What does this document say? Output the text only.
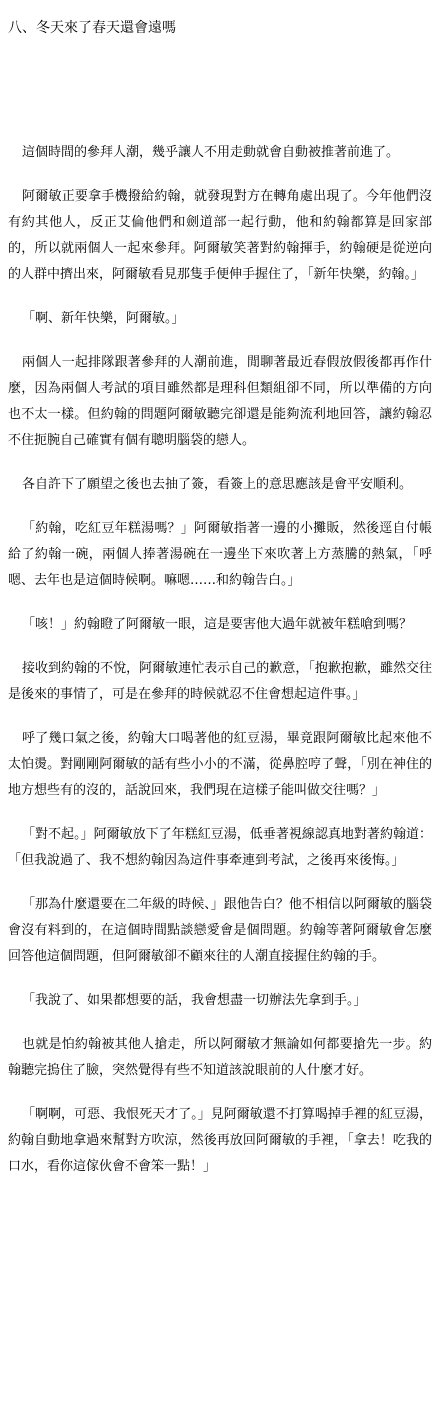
八、冬天來了春天還會遠嗎

這個時間的參拜人潮，幾乎讓人不用走動就會自動被推著前進了。

阿爾敏正要拿手機撥給約翰，就發現對方在轉角處出現了。今年他們沒有約其他人，反正艾倫他們和劍道部一起行動，他和約翰都算是回家部的，所以就兩個人一起來參拜。阿爾敏笑著對約翰揮手，約翰硬是從逆向的人群中擠出來，阿爾敏看見那隻手便伸手握住了，「新年快樂，約翰。」

「啊、新年快樂，阿爾敏。」

兩個人一起排隊跟著參拜的人潮前進，閒聊著最近春假放假後都再作什麼，因為兩個人考試的項目雖然都是理科但類組卻不同，所以準備的方向也不太一樣。但約翰的問題阿爾敏聽完卻還是能夠流利地回答，讓約翰忍不住扼腕自己確實有個有聰明腦袋的戀人。

各自許下了願望之後也去抽了簽，看簽上的意思應該是會平安順利。

「約翰，吃紅豆年糕湯嗎？」阿爾敏指著一邊的小攤販，然後逕自付帳給了約翰一碗，兩個人捧著湯碗在一邊坐下來吹著上方蒸騰的熱氣，「呼嗯、去年也是這個時候啊。嘛嗯……和約翰告白。」

「咳！」約翰瞪了阿爾敏一眼，這是要害他大過年就被年糕嗆到嗎？

接收到約翰的不悅，阿爾敏連忙表示自己的歉意，「抱歉抱歉，雖然交往是後來的事情了，可是在參拜的時候就忍不住會想起這件事。」

呼了幾口氣之後，約翰大口喝著他的紅豆湯，畢竟跟阿爾敏比起來他不太怕燙。對剛剛阿爾敏的話有些小小的不滿，從鼻腔哼了聲，「別在神住的地方想些有的沒的，話說回來，我們現在這樣子能叫做交往嗎？」

「對不起。」阿爾敏放下了年糕紅豆湯，低垂著視線認真地對著約翰道：「但我說過了、我不想約翰因為這件事牽連到考試，之後再來後悔。」

「那為什麼還要在二年級的時候、」跟他告白？他不相信以阿爾敏的腦袋會沒有料到的，在這個時間點談戀愛會是個問題。約翰等著阿爾敏會怎麼回答他這個問題，但阿爾敏卻不顧來往的人潮直接握住約翰的手。

「我說了、如果都想要的話，我會想盡一切辦法先拿到手。」

也就是怕約翰被其他人搶走，所以阿爾敏才無論如何都要搶先一步。約翰聽完摀住了臉，突然覺得有些不知道該說眼前的人什麼才好。

「啊啊，可惡、我恨死天才了。」見阿爾敏還不打算喝掉手裡的紅豆湯，約翰自動地拿過來幫對方吹涼，然後再放回阿爾敏的手裡，「拿去！吃我的口水，看你這傢伙會不會笨一點！」
